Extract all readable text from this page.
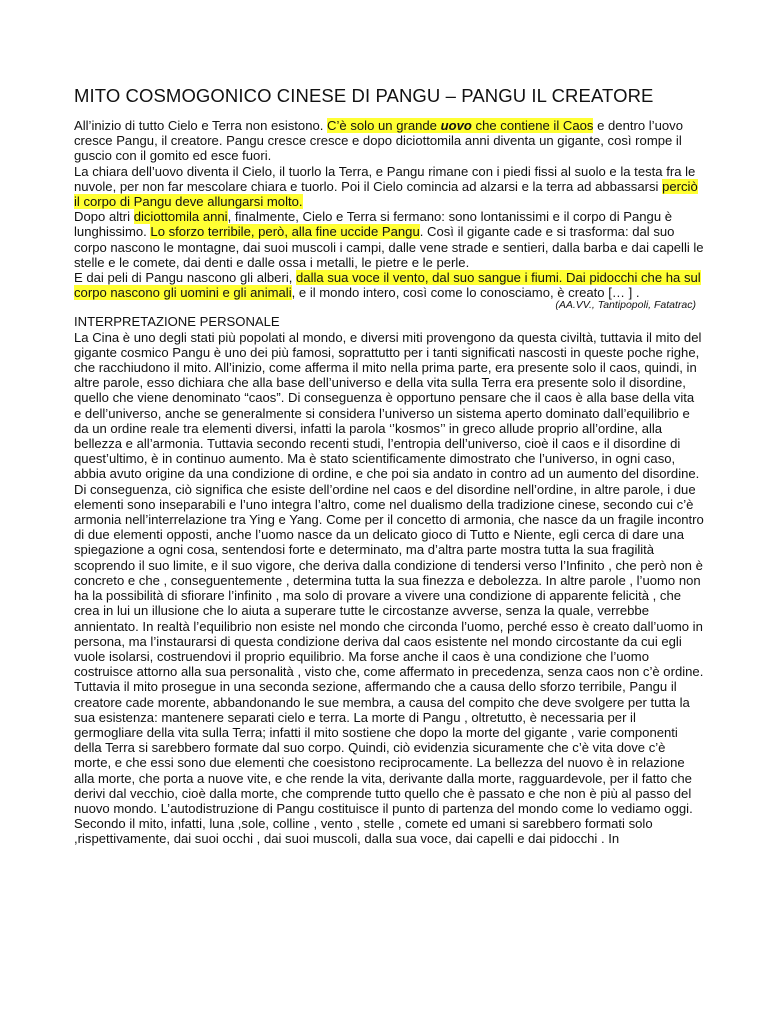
MITO COSMOGONICO CINESE DI PANGU – PANGU IL CREATORE

All’inizio di tutto Cielo e Terra non esistono. C’è solo un grande uovo che contiene il Caos e dentro l’uovo cresce Pangu, il creatore. Pangu cresce cresce e dopo diciottomila anni diventa un gigante, così rompe il guscio con il gomito ed esce fuori.

La chiara dell’uovo diventa il Cielo, il tuorlo la Terra, e Pangu rimane con i piedi fissi al suolo e la testa fra le nuvole, per non far mescolare chiara e tuorlo. Poi il Cielo comincia ad alzarsi e la terra ad abbassarsi perciò il corpo di Pangu deve allungarsi molto.

Dopo altri diciottomila anni, finalmente, Cielo e Terra si fermano: sono lontanissimi e il corpo di Pangu è lunghissimo. Lo sforzo terribile, però, alla fine uccide Pangu. Così il gigante cade e si trasforma: dal suo corpo nascono le montagne, dai suoi muscoli i campi, dalle vene strade e sentieri, dalla barba e dai capelli le stelle e le comete, dai denti e dalle ossa i metalli, le pietre e le perle.

E dai peli di Pangu nascono gli alberi, dalla sua voce il vento, dal suo sangue i fiumi. Dai pidocchi che ha sul corpo nascono gli uomini e gli animali, e il mondo intero, così come lo conosciamo, è creato [… ] .

(AA.VV., Tantipopoli, Fatatrac)

INTERPRETAZIONE PERSONALE

La Cina è uno degli stati più popolati al mondo, e diversi miti provengono da questa civiltà, tuttavia il mito del gigante cosmico Pangu è uno dei più famosi, soprattutto per i tanti significati nascosti in queste poche righe, che racchiudono il mito. All’inizio, come afferma il mito nella prima parte, era presente solo il caos, quindi, in altre parole, esso dichiara che alla base dell’universo e della vita sulla Terra era presente solo il disordine, quello che viene denominato “caos”. Di conseguenza è opportuno pensare che il caos è alla base della vita e dell’universo, anche se generalmente si considera l’universo un sistema aperto dominato dall’equilibrio e da un ordine reale tra elementi diversi, infatti la parola ‘’kosmos’’ in greco allude proprio all’ordine, alla bellezza e all’armonia. Tuttavia secondo recenti studi, l’entropia dell’universo, cioè il caos e il disordine di quest’ultimo, è in continuo aumento. Ma è stato scientificamente dimostrato che l’universo, in ogni caso, abbia avuto origine da una condizione di ordine, e che poi sia andato in contro ad un aumento del disordine. Di conseguenza, ciò significa che esiste dell’ordine nel caos e del disordine nell’ordine, in altre parole, i due elementi sono inseparabili e l’uno integra l’altro, come nel dualismo della tradizione cinese, secondo cui c’è armonia nell’interrelazione tra Ying e Yang. Come per il concetto di armonia, che nasce da un fragile incontro di due elementi opposti, anche l’uomo nasce da un delicato gioco di Tutto e Niente, egli cerca di dare una spiegazione a ogni cosa, sentendosi forte e determinato, ma d’altra parte mostra tutta la sua fragilità scoprendo il suo limite, e il suo vigore, che deriva dalla condizione di tendersi verso l’Infinito , che però non è concreto e che , conseguentemente , determina tutta la sua finezza e debolezza. In altre parole , l’uomo non ha la possibilità di sfiorare l’infinito , ma solo di provare a vivere una condizione di apparente felicità , che crea in lui un illusione che lo aiuta a superare tutte le circostanze avverse, senza la quale, verrebbe annientato. In realtà l’equilibrio non esiste nel mondo che circonda l’uomo, perché esso è creato dall’uomo in persona, ma l’instaurarsi di questa condizione deriva dal caos esistente nel mondo circostante da cui egli vuole isolarsi, costruendovi il proprio equilibrio. Ma forse anche il caos è una condizione che l’uomo costruisce attorno alla sua personalità , visto che, come affermato in precedenza, senza caos non c’è ordine.

Tuttavia il mito prosegue in una seconda sezione, affermando che a causa dello sforzo terribile, Pangu il creatore cade morente, abbandonando le sue membra, a causa del compito che deve svolgere per tutta la sua esistenza: mantenere separati cielo e terra. La morte di Pangu , oltretutto, è necessaria per il germogliare della vita sulla Terra; infatti il mito sostiene che dopo la morte del gigante , varie componenti della Terra si sarebbero formate dal suo corpo. Quindi, ciò evidenzia sicuramente che c’è vita dove c’è morte, e che essi sono due elementi che coesistono reciprocamente. La bellezza del nuovo è in relazione alla morte, che porta a nuove vite, e che rende la vita, derivante dalla morte, ragguardevole, per il fatto che derivi dal vecchio, cioè dalla morte, che comprende tutto quello che è passato e che non è più al passo del nuovo mondo. L’autodistruzione di Pangu costituisce il punto di partenza del mondo come lo vediamo oggi. Secondo il mito, infatti, luna ,sole, colline , vento , stelle , comete ed umani si sarebbero formati solo ,rispettivamente, dai suoi occhi , dai suoi muscoli, dalla sua voce, dai capelli e dai pidocchi . In
